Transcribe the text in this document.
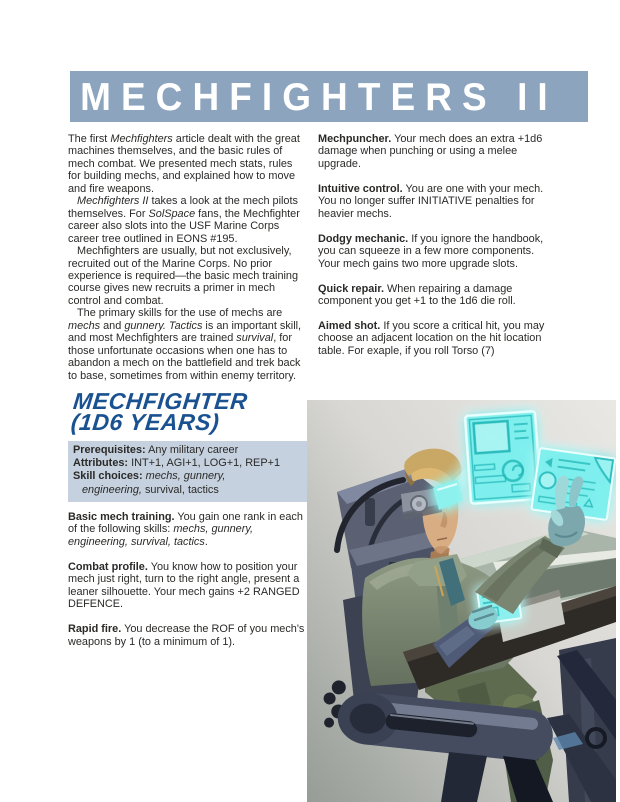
MECHFIGHTERS II

The first Mechfighters article dealt with the great machines themselves, and the basic rules of mech combat. We presented mech stats, rules for building mechs, and explained how to move and fire weapons.

Mechfighters II takes a look at the mech pilots themselves. For SolSpace fans, the Mechfighter career also slots into the USF Marine Corps career tree outlined in EONS #195.

Mechfighters are usually, but not exclusively, recruited out of the Marine Corps. No prior experience is required—the basic mech training course gives new recruits a primer in mech control and combat.

The primary skills for the use of mechs are mechs and gunnery. Tactics is an important skill, and most Mechfighters are trained survival, for those unfortunate occasions when one has to abandon a mech on the battlefield and trek back to base, sometimes from within enemy territory.

MECHFIGHTER
(1D6 YEARS)

Prerequisites: Any military career

Attributes: INT+1, AGI+1, LOG+1, REP+1

Skill choices: mechs, gunnery,

engineering, survival, tactics

Basic mech training. You gain one rank in each of the following skills: mechs, gunnery, engineering, survival, tactics.

Combat profile. You know how to position your mech just right, turn to the right angle, present a leaner silhouette. Your mech gains +2 RANGED DEFENCE.

Rapid fire. You decrease the ROF of you mech's weapons by 1 (to a minimum of 1).

Mechpuncher. Your mech does an extra +1d6 damage when punching or using a melee upgrade.

Intuitive control. You are one with your mech. You no longer suffer INITIATIVE penalties for heavier mechs.

Dodgy mechanic. If you ignore the handbook, you can squeeze in a few more components. Your mech gains two more upgrade slots.

Quick repair. When repairing a damage component you get +1 to the 1d6 die roll.

Aimed shot. If you score a critical hit, you may choose an adjacent location on the hit location table. For exaple, if you roll Torso (7)
